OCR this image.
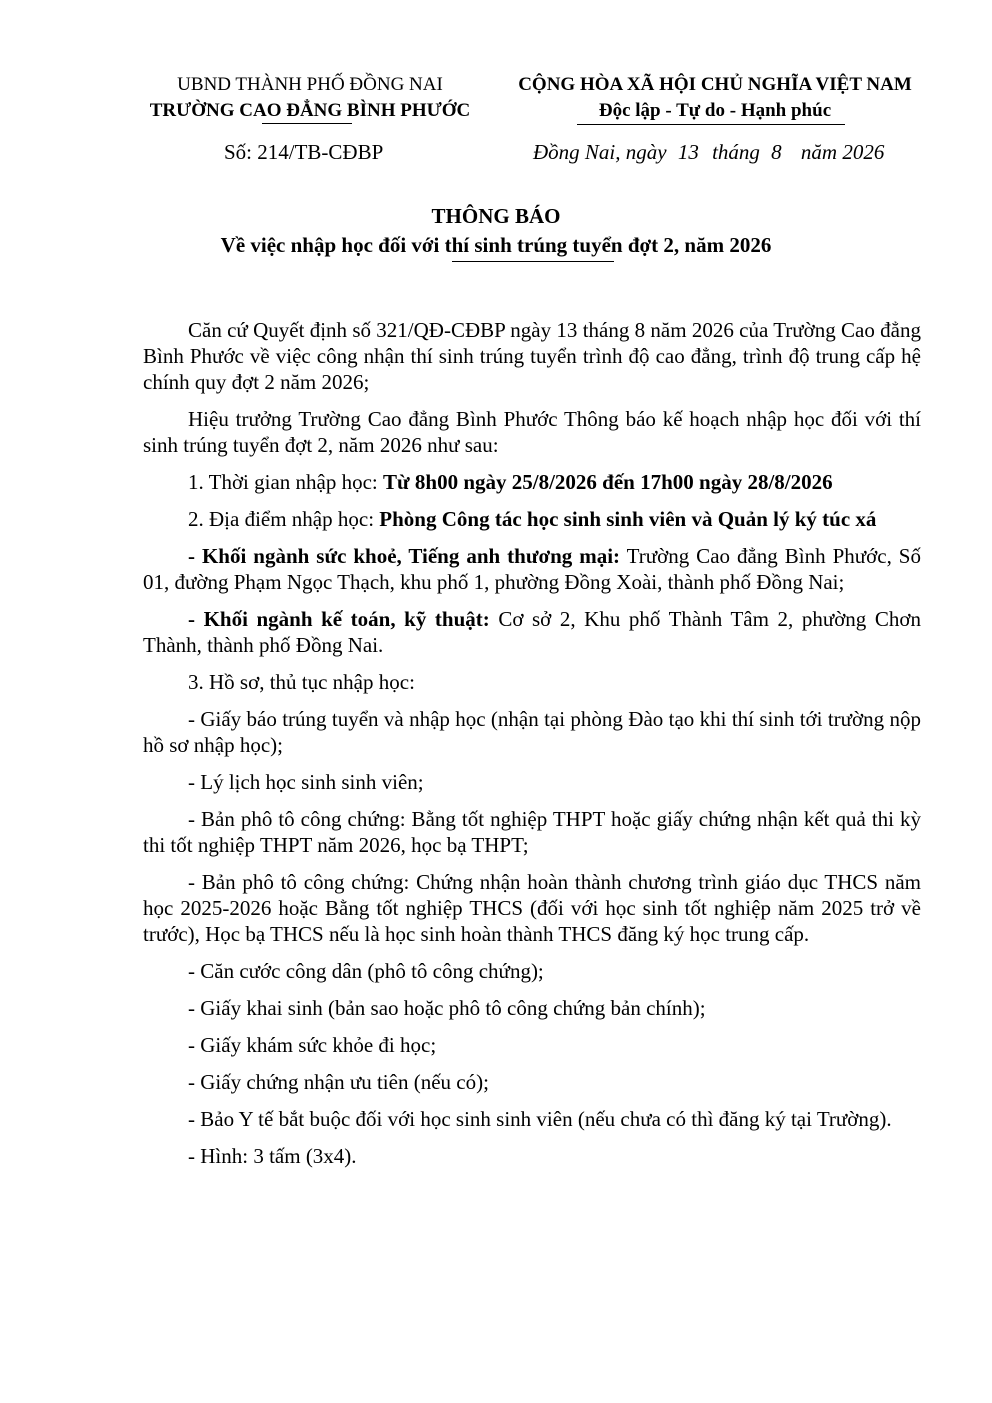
UBND THÀNH PHỐ ĐỒNG NAI
TRƯỜNG CAO ĐẲNG BÌNH PHƯỚC
CỘNG HÒA XÃ HỘI CHỦ NGHĨA VIỆT NAM
Độc lập - Tự do - Hạnh phúc
Số: 214/TB-CĐBP	Đồng Nai, ngày 13 tháng 8 năm 2026
THÔNG BÁO
Về việc nhập học đối với thí sinh trúng tuyển đợt 2, năm 2026

Căn cứ Quyết định số 321/QĐ-CĐBP ngày 13 tháng 8 năm 2026 của Trường Cao đẳng Bình Phước về việc công nhận thí sinh trúng tuyển trình độ cao đẳng, trình độ trung cấp hệ chính quy đợt 2 năm 2026;

Hiệu trưởng Trường Cao đẳng Bình Phước Thông báo kế hoạch nhập học đối với thí sinh trúng tuyển đợt 2, năm 2026 như sau:

1. Thời gian nhập học: Từ 8h00 ngày 25/8/2026 đến 17h00 ngày 28/8/2026

2. Địa điểm nhập học: Phòng Công tác học sinh sinh viên và Quản lý ký túc xá

- Khối ngành sức khoẻ, Tiếng anh thương mại: Trường Cao đẳng Bình Phước, Số 01, đường Phạm Ngọc Thạch, khu phố 1, phường Đồng Xoài, thành phố Đồng Nai;

- Khối ngành kế toán, kỹ thuật: Cơ sở 2, Khu phố Thành Tâm 2, phường Chơn Thành, thành phố Đồng Nai.

3. Hồ sơ, thủ tục nhập học:

- Giấy báo trúng tuyển và nhập học (nhận tại phòng Đào tạo khi thí sinh tới trường nộp hồ sơ nhập học);

- Lý lịch học sinh sinh viên;

- Bản phô tô công chứng: Bằng tốt nghiệp THPT hoặc giấy chứng nhận kết quả thi kỳ thi tốt nghiệp THPT năm 2026, học bạ THPT;

- Bản phô tô công chứng: Chứng nhận hoàn thành chương trình giáo dục THCS năm học 2025-2026 hoặc Bằng tốt nghiệp THCS (đối với học sinh tốt nghiệp năm 2025 trở về trước), Học bạ THCS nếu là học sinh hoàn thành THCS đăng ký học trung cấp.

- Căn cước công dân (phô tô công chứng);

- Giấy khai sinh (bản sao hoặc phô tô công chứng bản chính);

- Giấy khám sức khỏe đi học;

- Giấy chứng nhận ưu tiên (nếu có);

- Bảo Y tế bắt buộc đối với học sinh sinh viên (nếu chưa có thì đăng ký tại Trường).

- Hình: 3 tấm (3x4).
